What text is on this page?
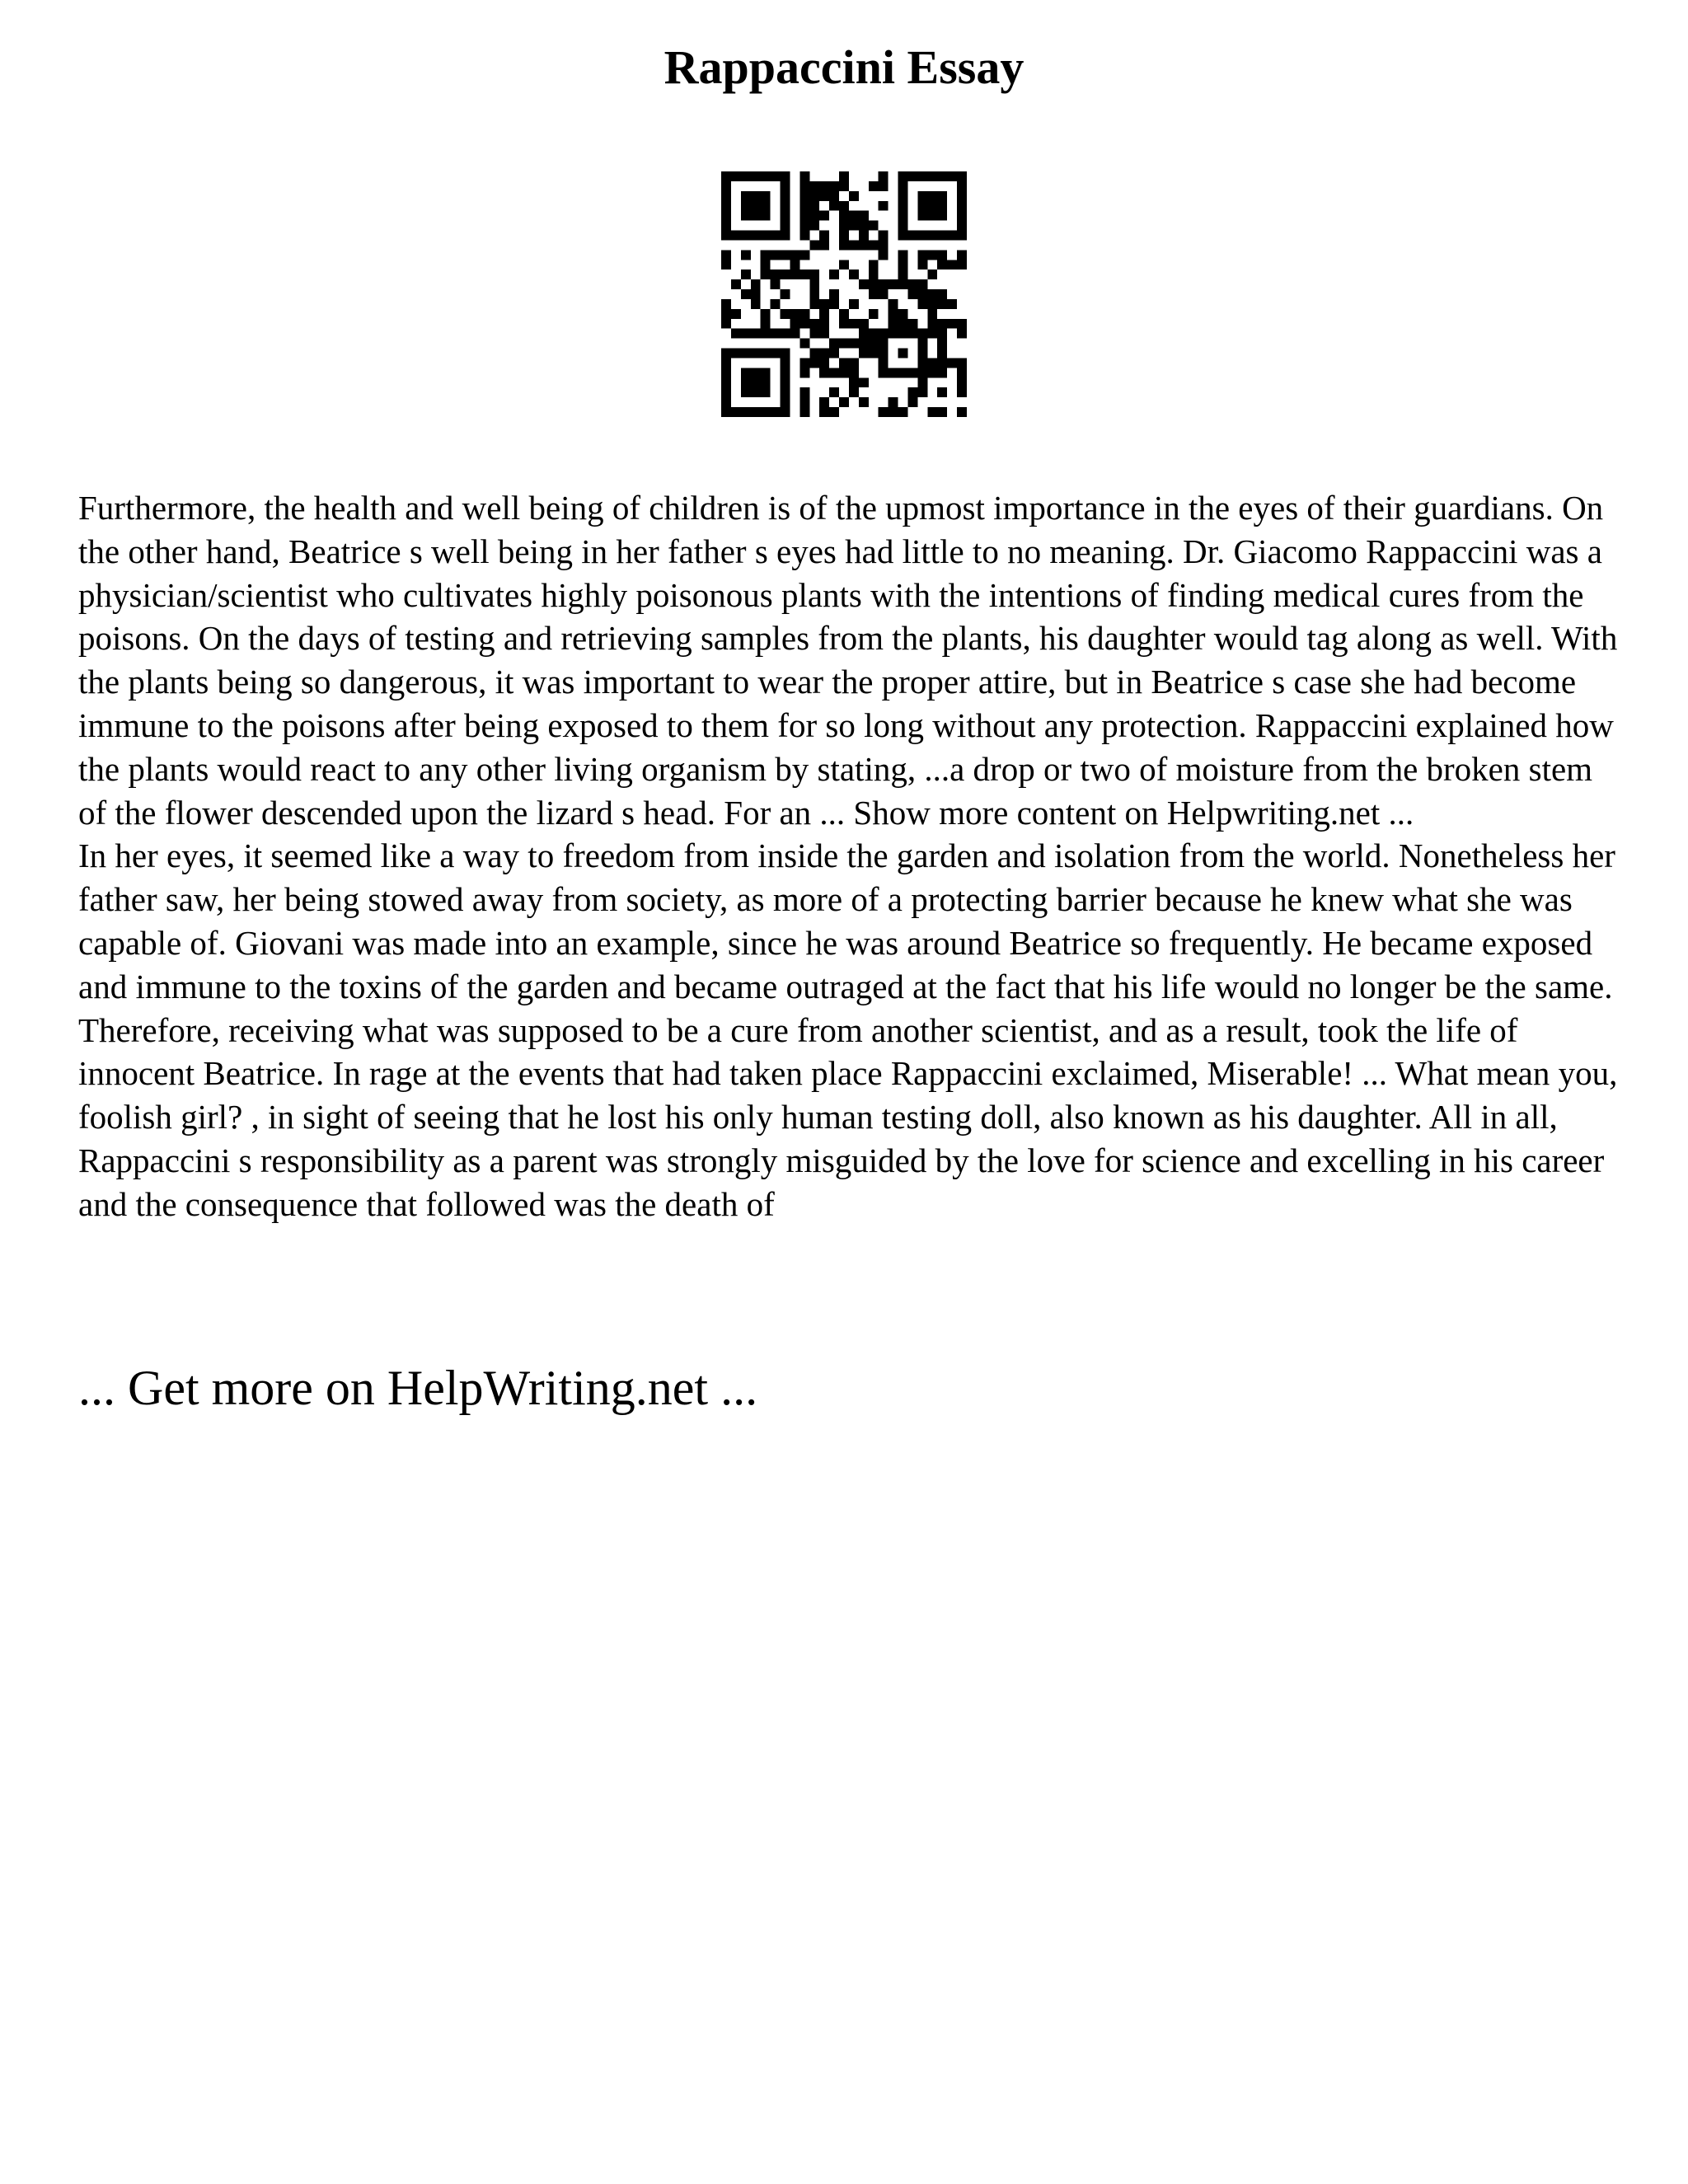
Rappaccini Essay

Furthermore, the health and well being of children is of the upmost importance in the eyes of their guardians. On the other hand, Beatrice s well being in her father s eyes had little to no meaning. Dr. Giacomo Rappaccini was a physician/scientist who cultivates highly poisonous plants with the intentions of finding medical cures from the poisons. On the days of testing and retrieving samples from the plants, his daughter would tag along as well. With the plants being so dangerous, it was important to wear the proper attire, but in Beatrice s case she had become immune to the poisons after being exposed to them for so long without any protection. Rappaccini explained how the plants would react to any other living organism by stating, ...a drop or two of moisture from the broken stem of the flower descended upon the lizard s head. For an ... Show more content on Helpwriting.net ...

In her eyes, it seemed like a way to freedom from inside the garden and isolation from the world. Nonetheless her father saw, her being stowed away from society, as more of a protecting barrier because he knew what she was capable of. Giovani was made into an example, since he was around Beatrice so frequently. He became exposed and immune to the toxins of the garden and became outraged at the fact that his life would no longer be the same. Therefore, receiving what was supposed to be a cure from another scientist, and as a result, took the life of innocent Beatrice. In rage at the events that had taken place Rappaccini exclaimed, Miserable! ... What mean you, foolish girl? , in sight of seeing that he lost his only human testing doll, also known as his daughter. All in all, Rappaccini s responsibility as a parent was strongly misguided by the love for science and excelling in his career and the consequence that followed was the death of

... Get more on HelpWriting.net ...
